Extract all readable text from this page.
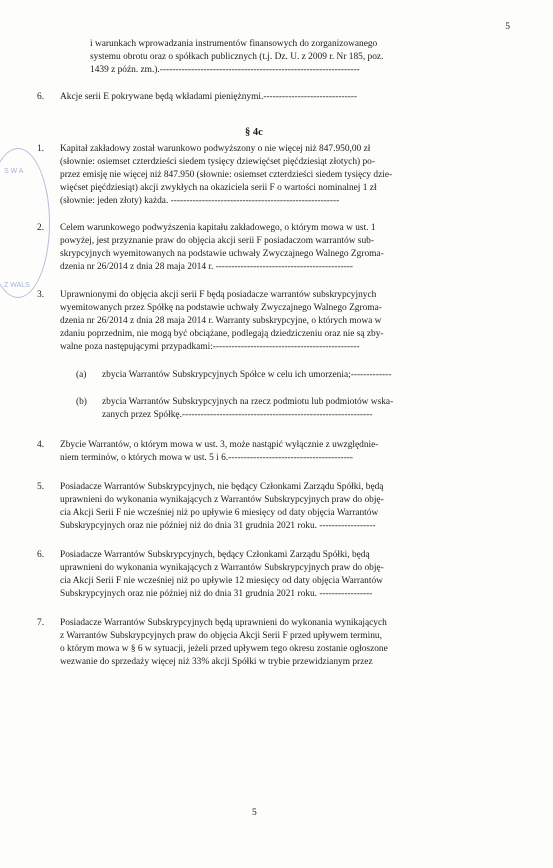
5
S W A
Z WALS
i warunkach wprowadzania instrumentów finansowych do zorganizowanego
systemu obrotu oraz o spółkach publicznych (t.j. Dz. U. z 2009 r. Nr 185, poz.
1439 z późn. zm.).----------------------------------------------------------------
6. Akcje serii E pokrywane będą wkładami pieniężnymi.------------------------------
§ 4c
1. Kapitał zakładowy został warunkowo podwyższony o nie więcej niż 847.950,00 zł
(słownie: osiemset czterdzieści siedem tysięcy dziewięćset pięćdziesiąt złotych) po-
przez emisję nie więcej niż 847.950 (słownie: osiemset czterdzieści siedem tysięcy dzie-
więćset pięćdziesiąt) akcji zwykłych na okaziciela serii F o wartości nominalnej 1 zł
(słownie: jeden złoty) każda. ------------------------------------------------------
2. Celem warunkowego podwyższenia kapitału zakładowego, o którym mowa w ust. 1
powyżej, jest przyznanie praw do objęcia akcji serii F posiadaczom warrantów sub-
skrypcyjnych wyemitowanych na podstawie uchwały Zwyczajnego Walnego Zgroma-
dzenia nr 26/2014 z dnia 28 maja 2014 r. --------------------------------------------
3. Uprawnionymi do objęcia akcji serii F będą posiadacze warrantów subskrypcyjnych
wyemitowanych przez Spółkę na podstawie uchwały Zwyczajnego Walnego Zgroma-
dzenia nr 26/2014 z dnia 28 maja 2014 r. Warranty subskrypcyjne, o których mowa w
zdaniu poprzednim, nie mogą być obciążane, podlegają dziedziczeniu oraz nie są zby-
walne poza następującymi przypadkami:-----------------------------------------------
(a) zbycia Warrantów Subskrypcyjnych Spółce w celu ich umorzenia;-------------
(b) zbycia Warrantów Subskrypcyjnych na rzecz podmiotu lub podmiotów wska-
zanych przez Spółkę.-------------------------------------------------------------
4. Zbycie Warrantów, o którym mowa w ust. 3, może nastąpić wyłącznie z uwzględnie-
niem terminów, o których mowa w ust. 5 i 6.----------------------------------------
5. Posiadacze Warrantów Subskrypcyjnych, nie będący Członkami Zarządu Spółki, będą
uprawnieni do wykonania wynikających z Warrantów Subskrypcyjnych praw do obję-
cia Akcji Serii F nie wcześniej niż po upływie 6 miesięcy od daty objęcia Warrantów
Subskrypcyjnych oraz nie później niż do dnia 31 grudnia 2021 roku. ------------------
6. Posiadacze Warrantów Subskrypcyjnych, będący Członkami Zarządu Spółki, będą
uprawnieni do wykonania wynikających z Warrantów Subskrypcyjnych praw do obję-
cia Akcji Serii F nie wcześniej niż po upływie 12 miesięcy od daty objęcia Warrantów
Subskrypcyjnych oraz nie później niż do dnia 31 grudnia 2021 roku. -----------------
7. Posiadacze Warrantów Subskrypcyjnych będą uprawnieni do wykonania wynikających
z Warrantów Subskrypcyjnych praw do objęcia Akcji Serii F przed upływem terminu,
o którym mowa w § 6 w sytuacji, jeżeli przed upływem tego okresu zostanie ogłoszone
wezwanie do sprzedaży więcej niż 33% akcji Spółki w trybie przewidzianym przez
5
